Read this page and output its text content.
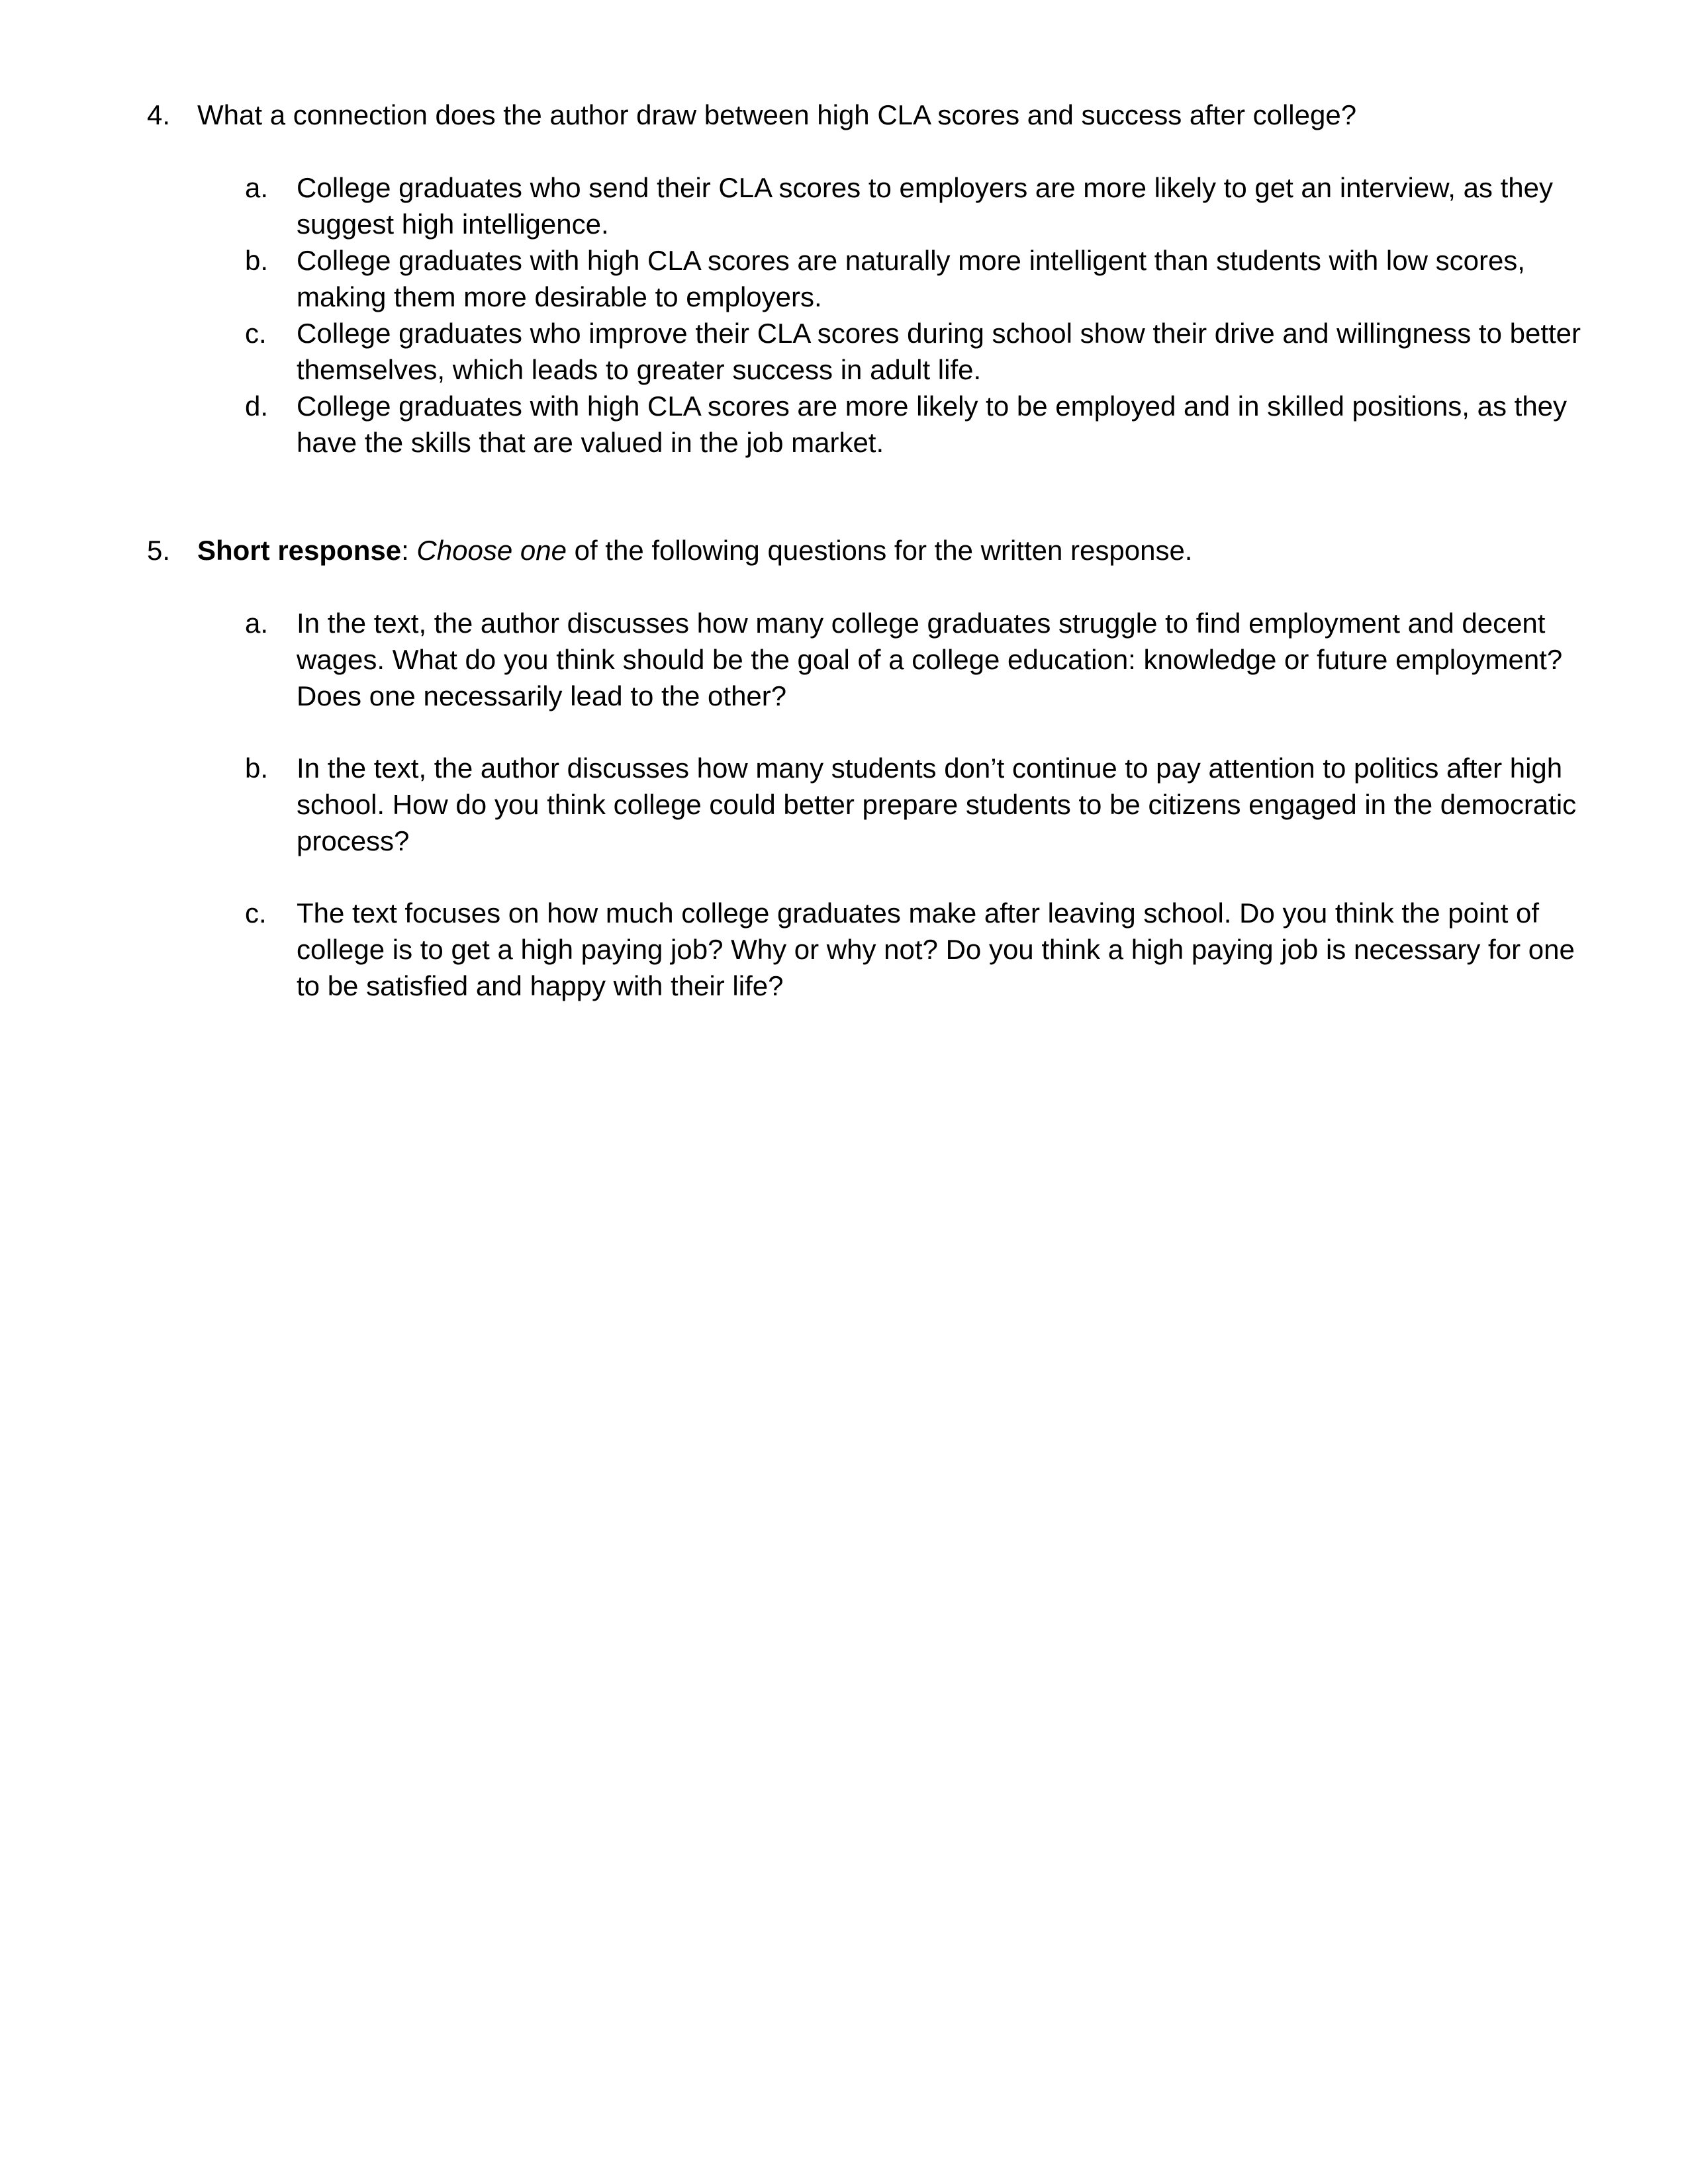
4. What a connection does the author draw between high CLA scores and success after college?
a.	College graduates who send their CLA scores to employers are more likely to get an interview, as they
suggest high intelligence.
b.	College graduates with high CLA scores are naturally more intelligent than students with low scores,
making them more desirable to employers.
c.	College graduates who improve their CLA scores during school show their drive and willingness to better
themselves, which leads to greater success in adult life.
d.	College graduates with high CLA scores are more likely to be employed and in skilled positions, as they
have the skills that are valued in the job market.
5. Short response: Choose one of the following questions for the written response.
a.	In the text, the author discusses how many college graduates struggle to find employment and decent
wages. What do you think should be the goal of a college education: knowledge or future employment?
Does one necessarily lead to the other?
b.	In the text, the author discusses how many students don’t continue to pay attention to politics after high
school. How do you think college could better prepare students to be citizens engaged in the democratic
process?
c.	The text focuses on how much college graduates make after leaving school. Do you think the point of
college is to get a high paying job? Why or why not? Do you think a high paying job is necessary for one
to be satisfied and happy with their life?
